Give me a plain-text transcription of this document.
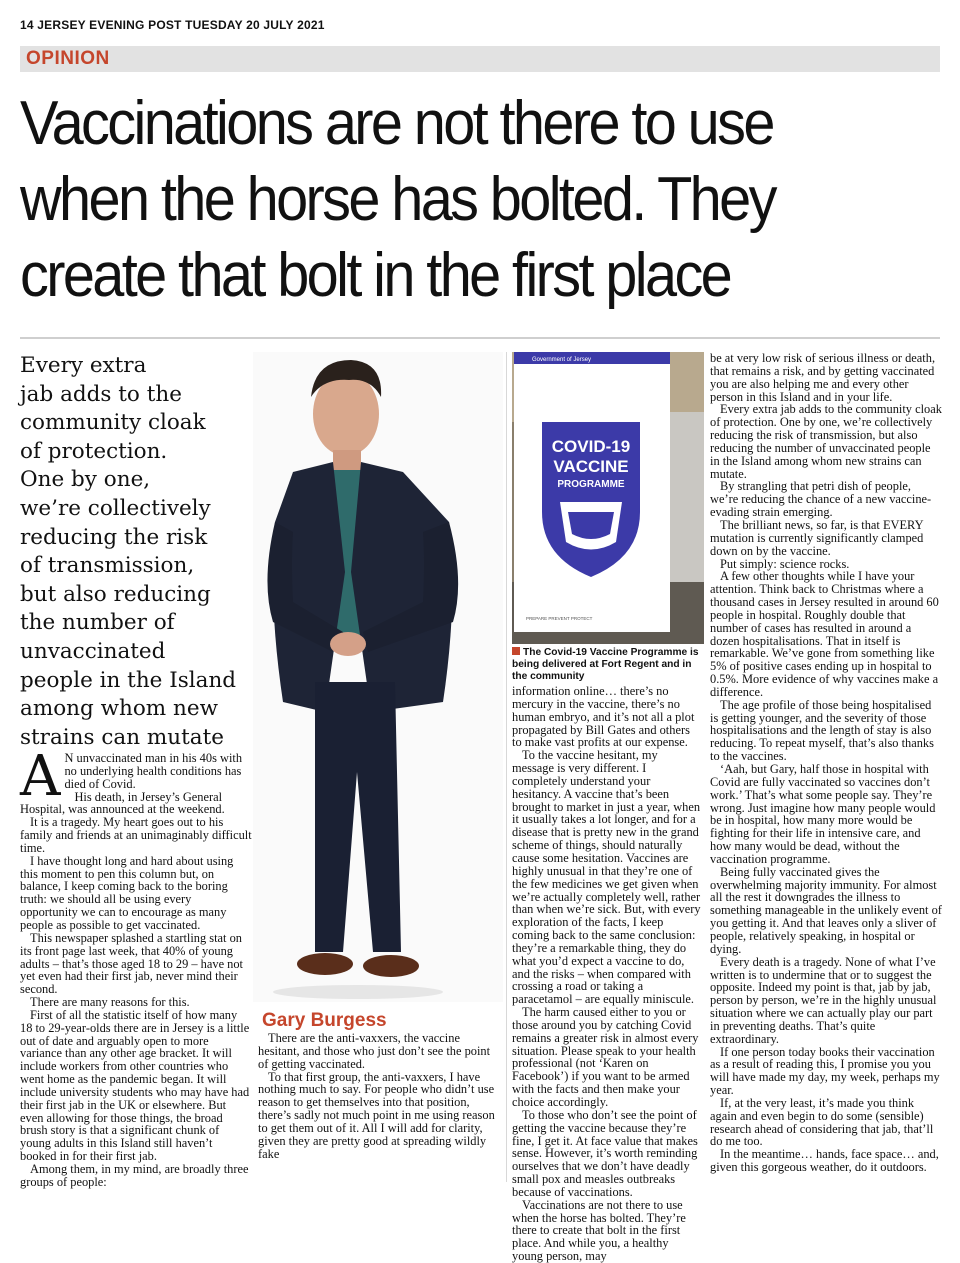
14 JERSEY EVENING POST TUESDAY 20 JULY 2021
OPINION
Vaccinations are not there to use
when the horse has bolted. They
create that bolt in the first place
Every extra
jab adds to the
community cloak
of protection.
One by one,
we’re collectively
reducing the risk
of transmission,
but also reducing
the number of
unvaccinated
people in the Island
among whom new
strains can mutate
A N unvaccinated man in his 40s with no underlying health conditions has died of Covid.

His death, in Jersey’s General Hospital, was announced at the weekend.

It is a tragedy. My heart goes out to his family and friends at an unimaginably difficult time.

I have thought long and hard about using this moment to pen this column but, on balance, I keep coming back to the boring truth: we should all be using every opportunity we can to encourage as many people as possible to get vaccinated.

This newspaper splashed a startling stat on its front page last week, that 40% of young adults – that’s those aged 18 to 29 – have not yet even had their first jab, never mind their second.

There are many reasons for this.

First of all the statistic itself of how many 18 to 29-year-olds there are in Jersey is a little out of date and arguably open to more variance than any other age bracket. It will include workers from other countries who went home as the pandemic began. It will include university students who may have had their first jab in the UK or elsewhere. But even allowing for those things, the broad brush story is that a significant chunk of young adults in this Island still haven’t booked in for their first jab.

Among them, in my mind, are broadly three groups of people:

Gary Burgess

There are the anti-vaxxers, the vaccine hesitant, and those who just don’t see the point of getting vaccinated.

To that first group, the anti-vaxxers, I have nothing much to say. For people who didn’t use reason to get themselves into that position, there’s sadly not much point in me using reason to get them out of it. All I will add for clarity, given they are pretty good at spreading wildly fake

Government of Jersey
COVID-19
VACCINE
PROGRAMME
PREPARE PREVENT PROTECT
The Covid-19 Vaccine Programme is being delivered at Fort Regent and in the community

information online… there’s no mercury in the vaccine, there’s no human embryo, and it’s not all a plot propagated by Bill Gates and others to make vast profits at our expense.

To the vaccine hesitant, my message is very different. I completely understand your hesitancy. A vaccine that’s been brought to market in just a year, when it usually takes a lot longer, and for a disease that is pretty new in the grand scheme of things, should naturally cause some hesitation. Vaccines are highly unusual in that they’re one of the few medicines we get given when we’re actually completely well, rather than when we’re sick. But, with every exploration of the facts, I keep coming back to the same conclusion: they’re a remarkable thing, they do what you’d expect a vaccine to do, and the risks – when compared with crossing a road or taking a paracetamol – are equally miniscule.

The harm caused either to you or those around you by catching Covid remains a greater risk in almost every situation. Please speak to your health professional (not ‘Karen on Facebook’) if you want to be armed with the facts and then make your choice accordingly.

To those who don’t see the point of getting the vaccine because they’re fine, I get it. At face value that makes sense. However, it’s worth reminding ourselves that we don’t have deadly small pox and measles outbreaks because of vaccinations.

Vaccinations are not there to use when the horse has bolted. They’re there to create that bolt in the first place. And while you, a healthy young person, may

be at very low risk of serious illness or death, that remains a risk, and by getting vaccinated you are also helping me and every other person in this Island and in your life.

Every extra jab adds to the community cloak of protection. One by one, we’re collectively reducing the risk of transmission, but also reducing the number of unvaccinated people in the Island among whom new strains can mutate.

By strangling that petri dish of people, we’re reducing the chance of a new vaccine-evading strain emerging.

The brilliant news, so far, is that EVERY mutation is currently significantly clamped down on by the vaccine.

Put simply: science rocks.

A few other thoughts while I have your attention. Think back to Christmas where a thousand cases in Jersey resulted in around 60 people in hospital. Roughly double that number of cases has resulted in around a dozen hospitalisations. That in itself is remarkable. We’ve gone from something like 5% of positive cases ending up in hospital to 0.5%. More evidence of why vaccines make a difference.

The age profile of those being hospitalised is getting younger, and the severity of those hospitalisations and the length of stay is also reducing. To repeat myself, that’s also thanks to the vaccines.

‘Aah, but Gary, half those in hospital with Covid are fully vaccinated so vaccines don’t work.’ That’s what some people say. They’re wrong. Just imagine how many people would be in hospital, how many more would be fighting for their life in intensive care, and how many would be dead, without the vaccination programme.

Being fully vaccinated gives the overwhelming majority immunity. For almost all the rest it downgrades the illness to something manageable in the unlikely event of you getting it. And that leaves only a sliver of people, relatively speaking, in hospital or dying.

Every death is a tragedy. None of what I’ve written is to undermine that or to suggest the opposite. Indeed my point is that, jab by jab, person by person, we’re in the highly unusual situation where we can actually play our part in preventing deaths. That’s quite extraordinary.

If one person today books their vaccination as a result of reading this, I promise you you will have made my day, my week, perhaps my year.

If, at the very least, it’s made you think again and even begin to do some (sensible) research ahead of considering that jab, that’ll do me too.

In the meantime… hands, face space… and, given this gorgeous weather, do it outdoors.
